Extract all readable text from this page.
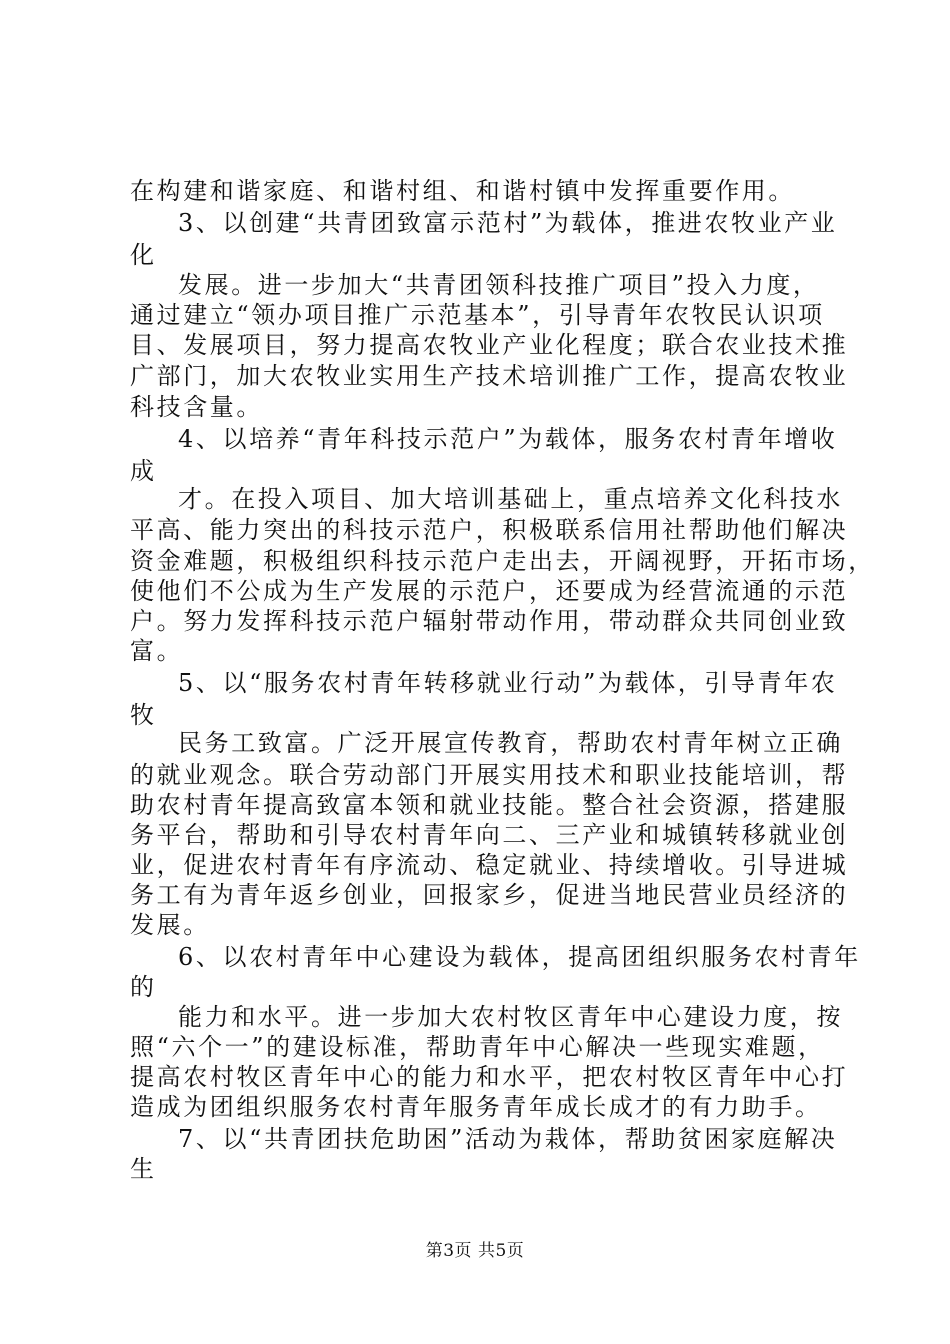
在构建和谐家庭、和谐村组、和谐村镇中发挥重要作用。
3、以创建“共青团致富示范村”为载体，推进农牧业产业
化
发展。进一步加大“共青团领科技推广项目”投入力度，
通过建立“领办项目推广示范基本”，引导青年农牧民认识项
目、发展项目，努力提高农牧业产业化程度；联合农业技术推
广部门，加大农牧业实用生产技术培训推广工作，提高农牧业
科技含量。
4、以培养“青年科技示范户”为载体，服务农村青年增收
成
才。在投入项目、加大培训基础上，重点培养文化科技水
平高、能力突出的科技示范户，积极联系信用社帮助他们解决
资金难题，积极组织科技示范户走出去，开阔视野，开拓市场，
使他们不公成为生产发展的示范户，还要成为经营流通的示范
户。努力发挥科技示范户辐射带动作用，带动群众共同创业致
富。
5、以“服务农村青年转移就业行动”为载体，引导青年农
牧
民务工致富。广泛开展宣传教育，帮助农村青年树立正确
的就业观念。联合劳动部门开展实用技术和职业技能培训，帮
助农村青年提高致富本领和就业技能。整合社会资源，搭建服
务平台，帮助和引导农村青年向二、三产业和城镇转移就业创
业，促进农村青年有序流动、稳定就业、持续增收。引导进城
务工有为青年返乡创业，回报家乡，促进当地民营业员经济的
发展。
6、以农村青年中心建设为载体，提高团组织服务农村青年
的
能力和水平。进一步加大农村牧区青年中心建设力度，按
照“六个一”的建设标准，帮助青年中心解决一些现实难题，
提高农村牧区青年中心的能力和水平，把农村牧区青年中心打
造成为团组织服务农村青年服务青年成长成才的有力助手。
7、以“共青团扶危助困”活动为栽体，帮助贫困家庭解决
生
第3页 共5页
